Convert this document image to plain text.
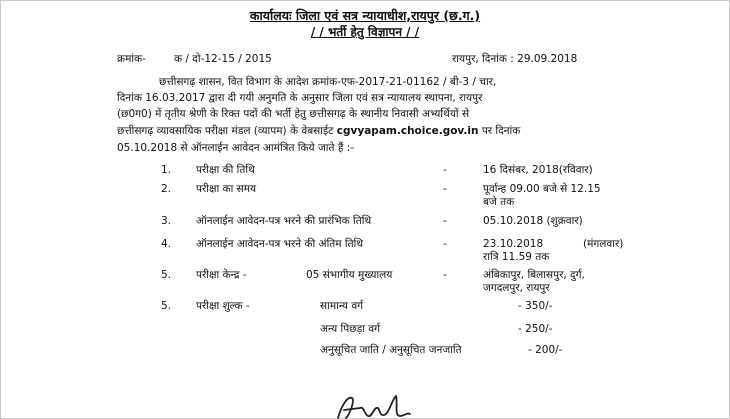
कार्यालयः जिला एवं सत्र न्यायाधीश,रायपुर (छ.ग.)
/ / भर्ती हेतु विज्ञापन / /
क्रमांक-	क / दो-12-15 / 2015	रायपुर, दिनांक : 29.09.2018
छत्तीसगढ़ शासन, वित विभाग के आदेश क्रमांक-एफ-2017-21-01162 / बी-3 / चार,
दिनांक 16.03.2017 द्वारा दी गयी अनुमति के अनुसार जिला एवं सत्र न्यायालय स्थापना, रायपुर
(छ0ग0) में तृतीय श्रेणी के रिक्त पदों की भर्ती हेतु छत्तीसगढ़ के स्थानीय निवासी अभ्यर्थियों से
छत्तीसगढ़ व्यावसायिक परीक्षा मंडल (व्यापम) के वेबसाईट cgvyapam.choice.gov.in पर दिनांक
05.10.2018 से ऑनलाईन आवेदन आमंत्रित किये जाते हैं :-
1. परीक्षा की तिथि	-	16 दिसंबर, 2018(रविवार)
2. परीक्षा का समय	-	पूर्वान्ह 09.00 बजे से 12.15
बजे तक
3. ऑनलाईन आवेदन-पत्र भरने की प्रारंभिक तिथि	-	05.10.2018 (शुक्रवार)
4. ऑनलाईन आवेदन-पत्र भरने की अंतिम तिथि	-	23.10.2018	(मंगलवार)
रात्रि 11.59 तक
5. परीक्षा केन्द्र -	05 संभागीय मुख्यालय	-	अंबिकापुर, बिलासपुर, दुर्ग,
जगदलपुर, रायपुर
5. परीक्षा शुल्क -	सामान्य वर्ग	- 350/-
अन्य पिछड़ा वर्ग	- 250/-
अनुसूचित जाति / अनुसूचित जनजाति	- 200/-
